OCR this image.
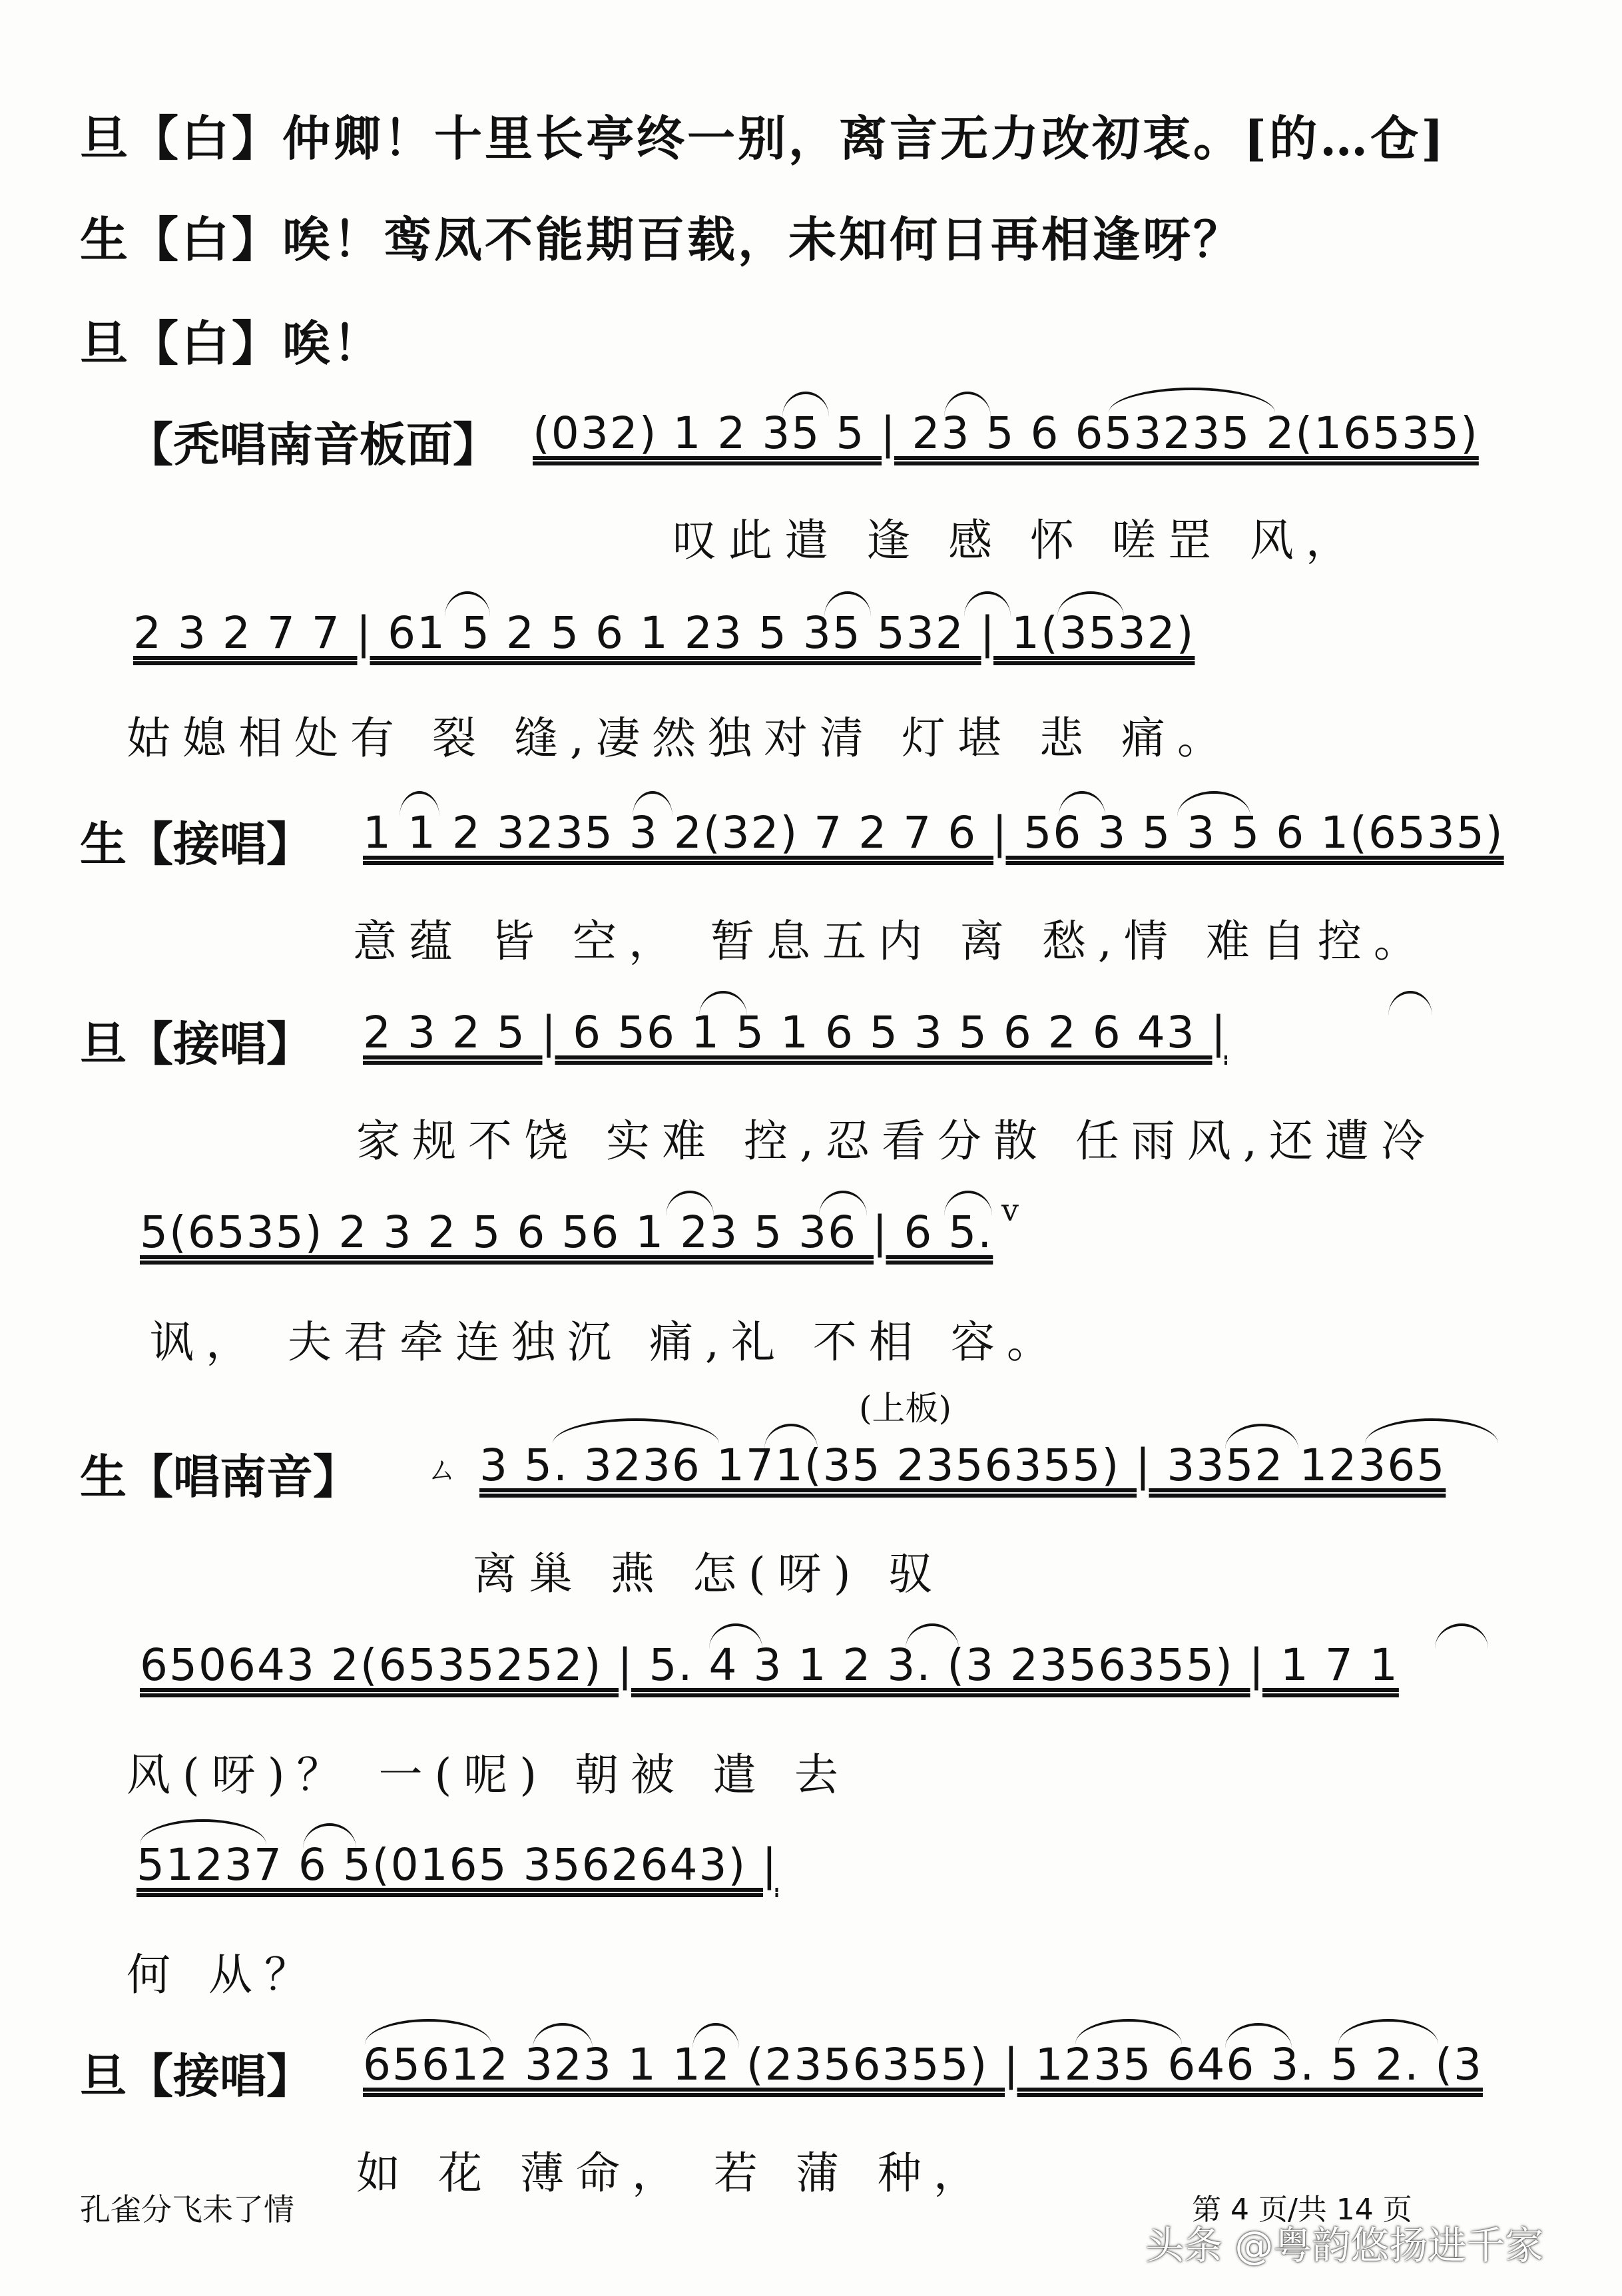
旦【白】仲卿！十里长亭终一别，离言无力改初衷。[的…仓]
生【白】唉！鸾凤不能期百载，未知何日再相逢呀？
旦【白】唉！
【秃唱南音板面】 (032) 1 2 35 5 | 23 5 6 653235 2(16535)
叹此遣 逢 感 怀 嗟罡 风，
2 3 2 7 7 | 61 5 2 5 6 1 23 5 35 532 | 1(3532)
姑媳相处有 裂 缝,凄然独对清 灯堪 悲 痛。
生【接唱】 1 1 2 3235 3 2(32) 7 2 7 6 | 56 3 5 3 5 6 1(6535)
意蕴 皆 空， 暂息五内 离 愁,情 难自控。
旦【接唱】 2 3 2 5 | 6 56 1 5 1 6 5 3 5 6 2 6 43 |
家规不饶 实难 控,忍看分散 任雨风,还遭冷
5(6535) 2 3 2 5 6 56 1 23 5 36 | 6 5. v
讽， 夫君牵连独沉 痛,礼 不相 容。
(上板)
生【唱南音】 ㄙ 3 5. 3236 171(35 2356355) | 3352 12365
离巢 燕 怎(呀) 驭
650643 2(6535252) | 5. 4 3 1 2 3. (3 2356355) | 1 7 1
风(呀)？ 一(呢) 朝被 遣 去
51237 6 5(0165 3562643) |
何 从？
旦【接唱】 65612 323 1 12 (2356355) | 1235 646 3. 5 2. (3
如 花 薄命， 若 蒲 种，
孔雀分飞未了情	第 4 页/共 14 页
头条 @粤韵悠扬进千家
